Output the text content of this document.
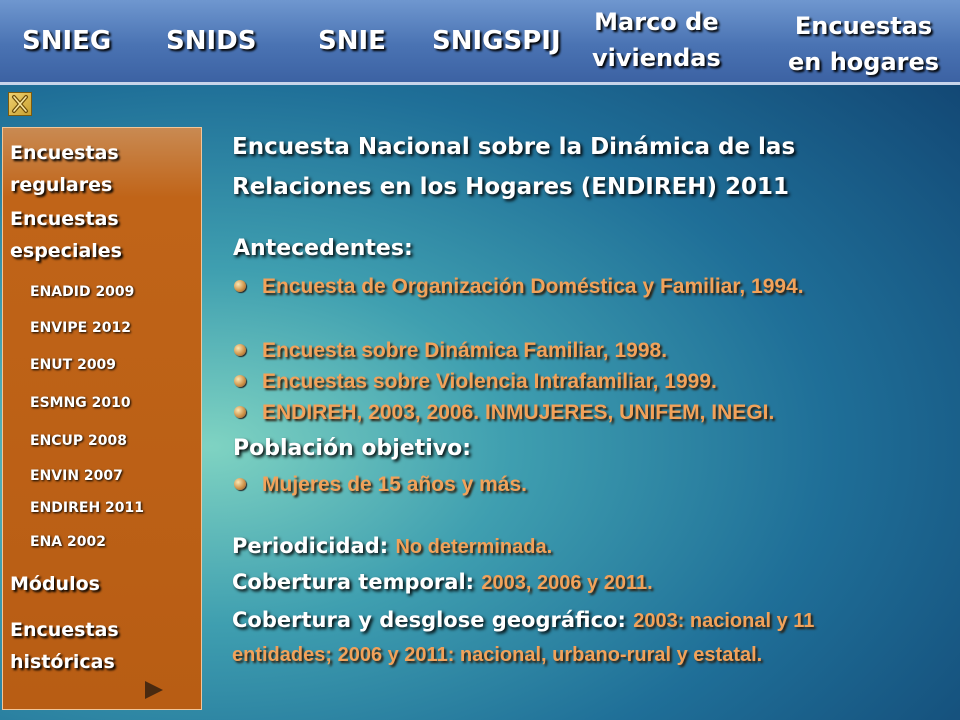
SNIEG SNIDS SNIE SNIGSPIJ
Marco de
viviendas
Encuestas
en hogares
Encuestas
regulares
Encuestas
especiales
ENADID 2009
ENVIPE 2012
ENUT 2009
ESMNG 2010
ENCUP 2008
ENVIN 2007
ENDIREH 2011
ENA 2002
Módulos
Encuestas
históricas
Encuesta Nacional sobre la Dinámica de las
Relaciones en los Hogares (ENDIREH) 2011
Antecedentes:
Encuesta de Organización Doméstica y Familiar, 1994.
Encuesta sobre Dinámica Familiar, 1998.
Encuestas sobre Violencia Intrafamiliar, 1999.
ENDIREH, 2003, 2006. INMUJERES, UNIFEM, INEGI.
Población objetivo:
Mujeres de 15 años y más.
Periodicidad: No determinada.
Cobertura temporal: 2003, 2006 y 2011.
Cobertura y desglose geográfico: 2003: nacional y 11
entidades; 2006 y 2011: nacional, urbano-rural y estatal.
